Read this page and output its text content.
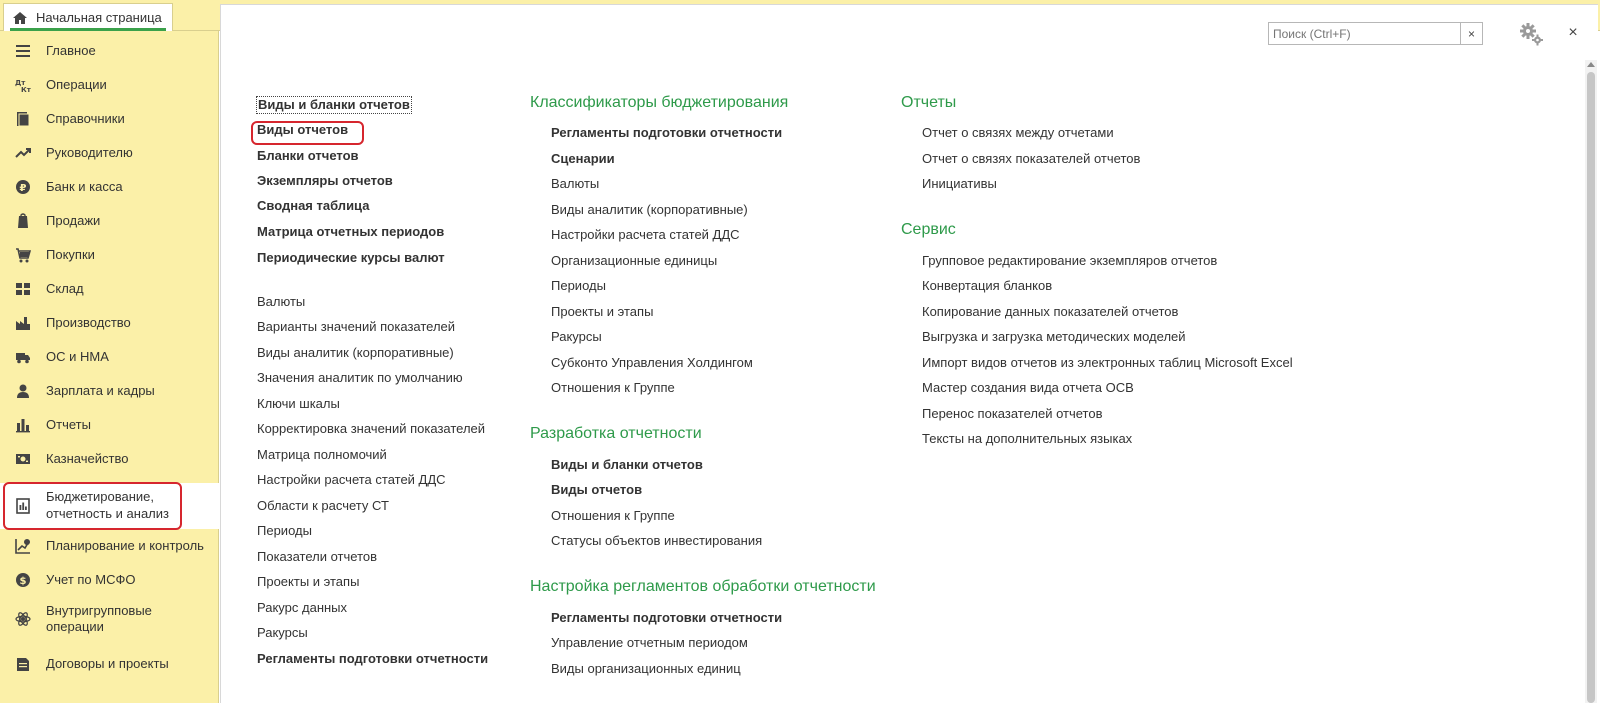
Начальная страница
Главное
Дт
Кт Операции
Справочники
Руководителю
₽ Банк и касса
Продажи
Покупки
Склад
Производство
ОС и НМА
Зарплата и кадры
Отчеты
Казначейство
Бюджетирование,
отчетность и анализ
Планирование и контроль
$ Учет по МСФО
Внутригрупповые
операции
Договоры и проекты
Поиск (Ctrl+F)
×	×
Виды и бланки отчетов
Виды отчетов
Бланки отчетов
Экземпляры отчетов
Сводная таблица
Матрица отчетных периодов
Периодические курсы валют
Валюты
Варианты значений показателей
Виды аналитик (корпоративные)
Значения аналитик по умолчанию
Ключи шкалы
Корректировка значений показателей
Матрица полномочий
Настройки расчета статей ДДС
Области к расчету СТ
Периоды
Показатели отчетов
Проекты и этапы
Ракурс данных
Ракурсы
Регламенты подготовки отчетности
Классификаторы бюджетирования
Регламенты подготовки отчетности
Сценарии
Валюты
Виды аналитик (корпоративные)
Настройки расчета статей ДДС
Организационные единицы
Периоды
Проекты и этапы
Ракурсы
Субконто Управления Холдингом
Отношения к Группе
Разработка отчетности
Виды и бланки отчетов
Виды отчетов
Отношения к Группе
Статусы объектов инвестирования
Настройка регламентов обработки отчетности
Регламенты подготовки отчетности
Управление отчетным периодом
Виды организационных единиц
Отчеты
Отчет о связях между отчетами
Отчет о связях показателей отчетов
Инициативы
Сервис
Групповое редактирование экземпляров отчетов
Конвертация бланков
Копирование данных показателей отчетов
Выгрузка и загрузка методических моделей
Импорт видов отчетов из электронных таблиц Microsoft Excel
Мастер создания вида отчета ОСВ
Перенос показателей отчетов
Тексты на дополнительных языках
